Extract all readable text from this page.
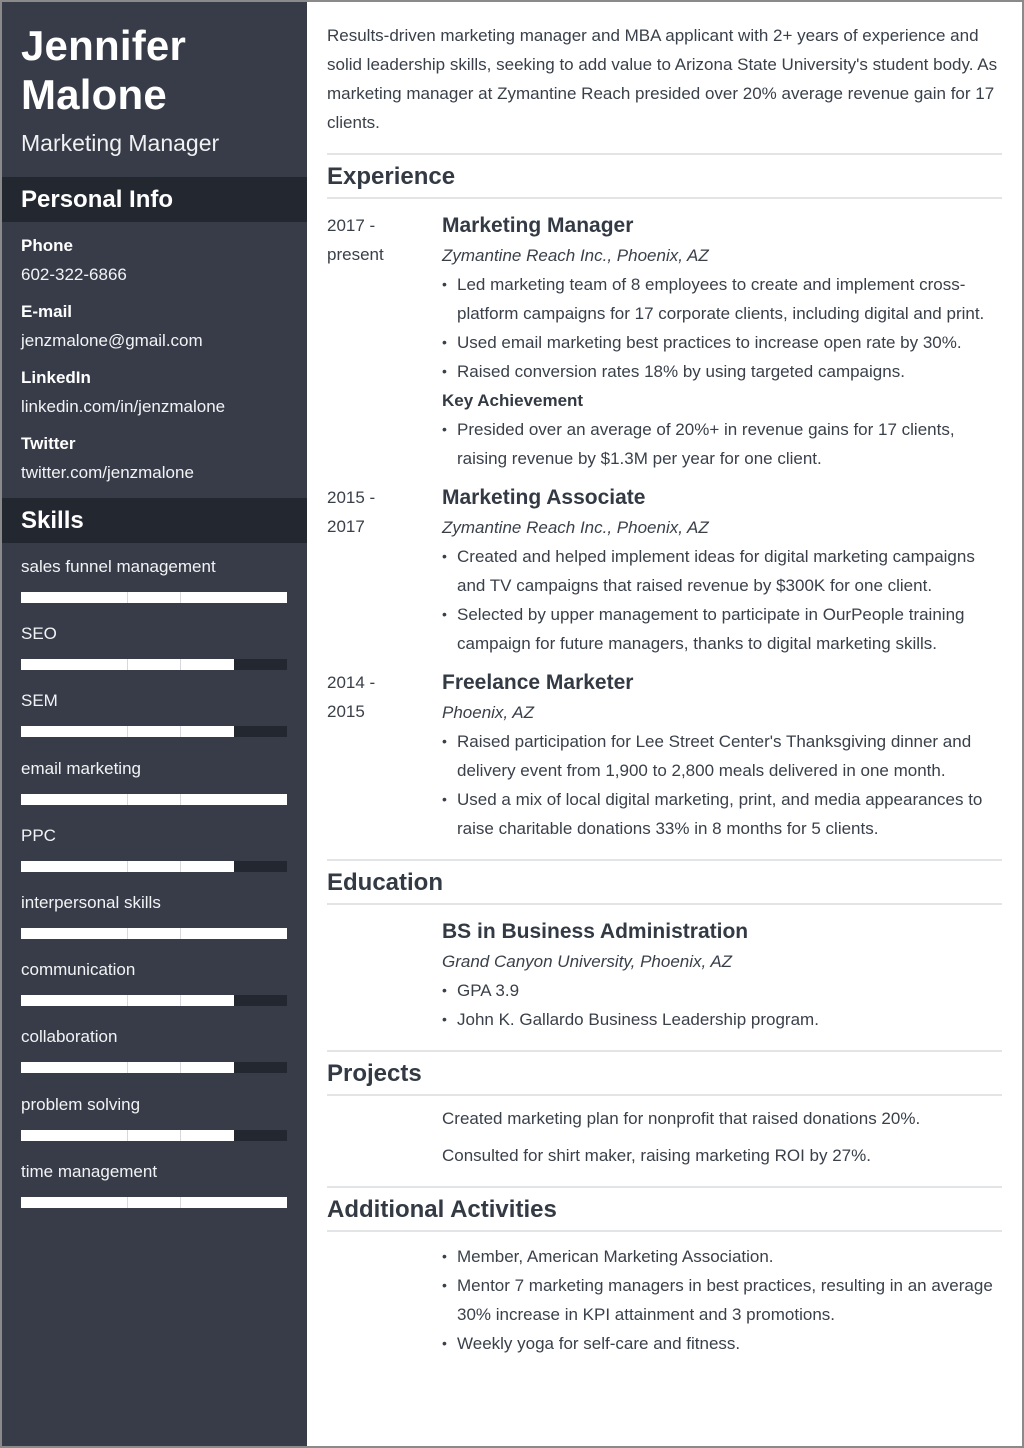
Jennifer
Malone
Marketing Manager
Personal Info
Phone
602-322-6866
E-mail
jenzmalone@gmail.com
LinkedIn
linkedin.com/in/jenzmalone
Twitter
twitter.com/jenzmalone
Skills
sales funnel management
SEO
SEM
email marketing
PPC
interpersonal skills
communication
collaboration
problem solving
time management

Results-driven marketing manager and MBA applicant with 2+ years of experience and solid leadership skills, seeking to add value to Arizona State University's student body. As marketing manager at Zymantine Reach presided over 20% average revenue gain for 17 clients.

Experience
2017 -
present
Marketing Manager
Zymantine Reach Inc., Phoenix, AZ
• Led marketing team of 8 employees to create and implement cross-platform campaigns for 17 corporate clients, including digital and print.
• Used email marketing best practices to increase open rate by 30%.
• Raised conversion rates 18% by using targeted campaigns.
Key Achievement
• Presided over an average of 20%+ in revenue gains for 17 clients, raising revenue by $1.3M per year for one client.
2015 -
2017
Marketing Associate
Zymantine Reach Inc., Phoenix, AZ
• Created and helped implement ideas for digital marketing campaigns and TV campaigns that raised revenue by $300K for one client.
• Selected by upper management to participate in OurPeople training campaign for future managers, thanks to digital marketing skills.
2014 -
2015
Freelance Marketer
Phoenix, AZ
• Raised participation for Lee Street Center's Thanksgiving dinner and delivery event from 1,900 to 2,800 meals delivered in one month.
• Used a mix of local digital marketing, print, and media appearances to raise charitable donations 33% in 8 months for 5 clients.
Education
BS in Business Administration
Grand Canyon University, Phoenix, AZ
• GPA 3.9
• John K. Gallardo Business Leadership program.
Projects
Created marketing plan for nonprofit that raised donations 20%.
Consulted for shirt maker, raising marketing ROI by 27%.
Additional Activities
• Member, American Marketing Association.
• Mentor 7 marketing managers in best practices, resulting in an average 30% increase in KPI attainment and 3 promotions.
• Weekly yoga for self-care and fitness.
